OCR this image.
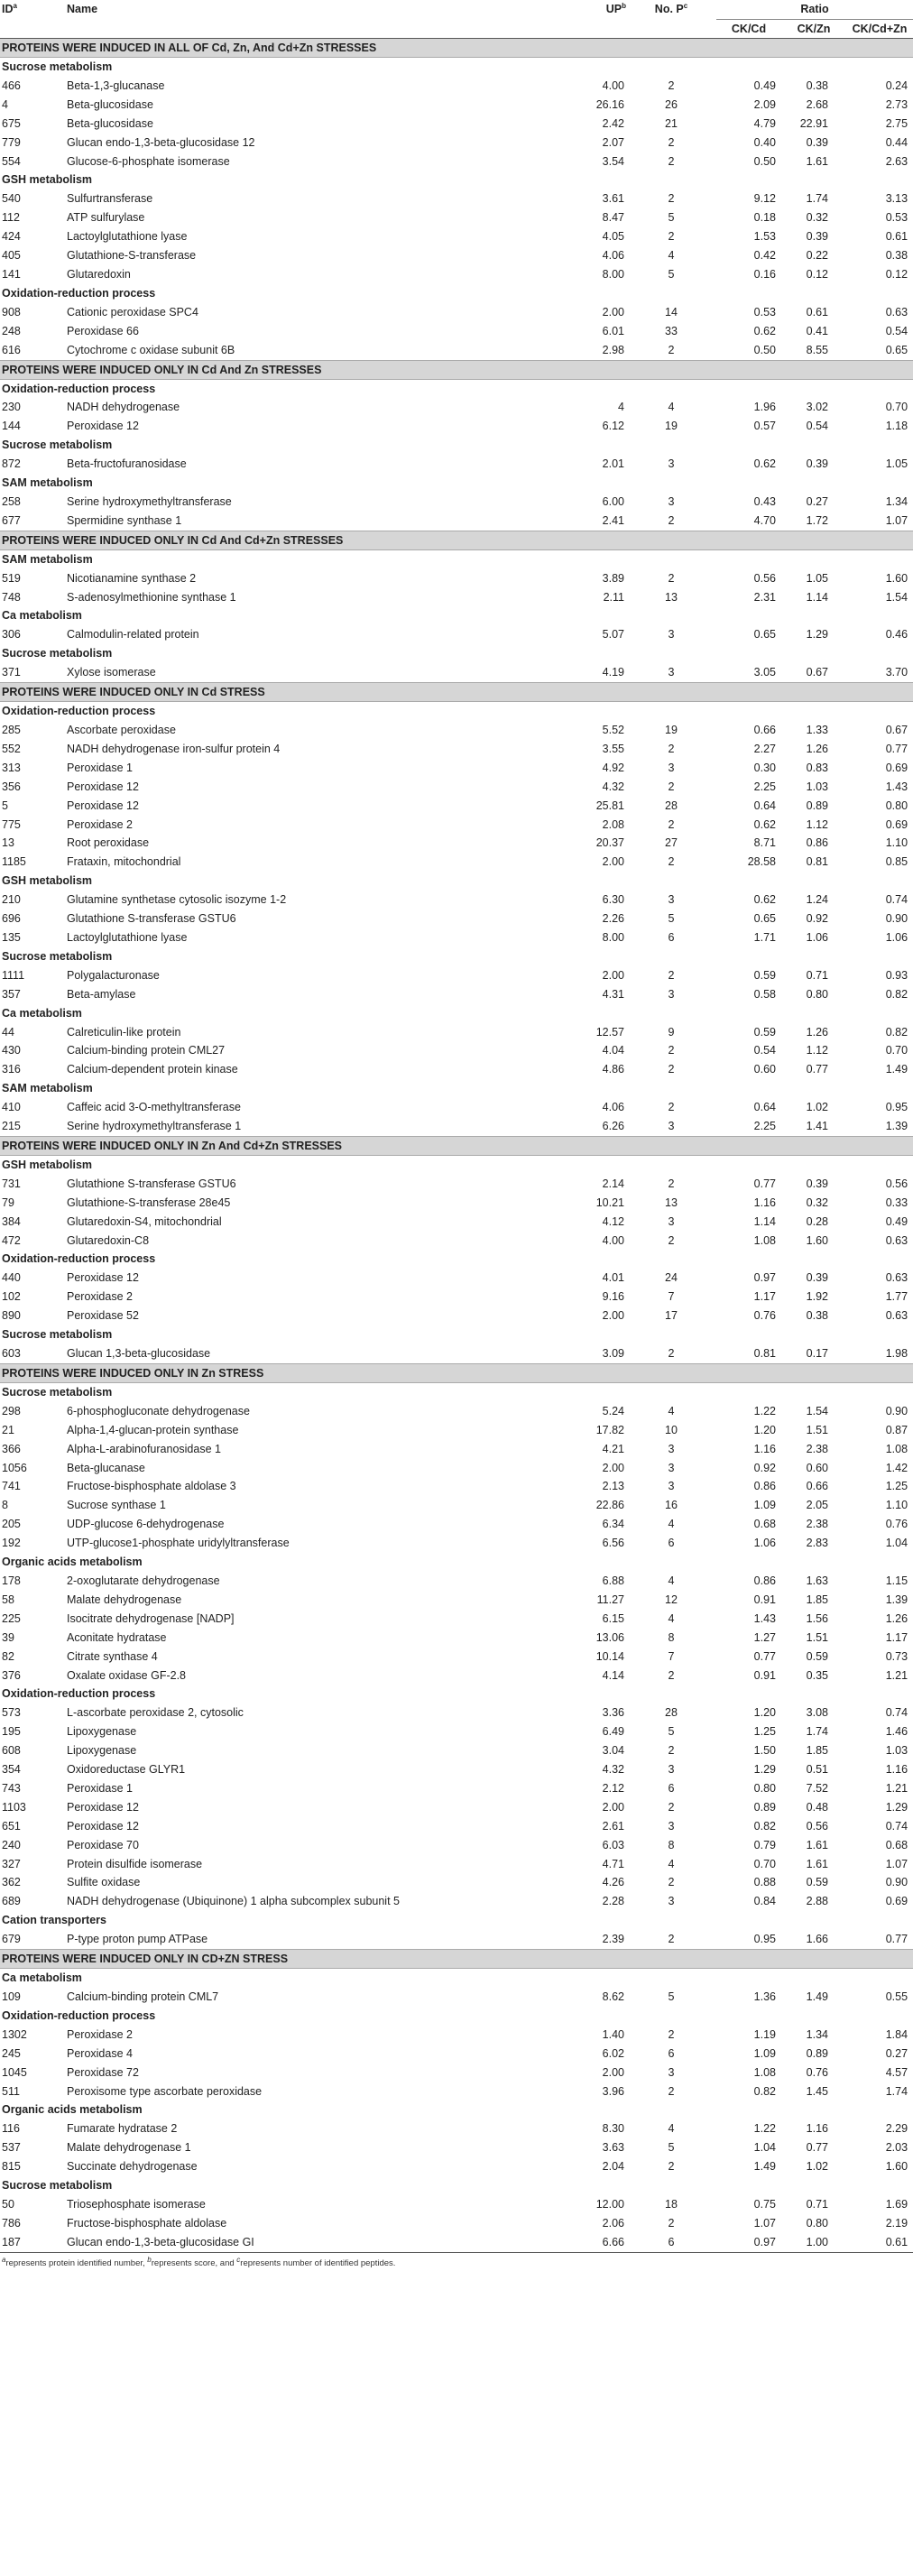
$ID^a$	Name	$UP^b$	No. $P^c$	Ratio		
				CK/Cd	CK/Zn	CK/Cd+Zn
PROTEINS WERE INDUCED IN ALL OF Cd, Zn, And Cd+Zn STRESSES						
Sucrose metabolism						
466	Beta-1,3-glucanase	4.00	2	0.49	0.38	0.24
4	Beta-glucosidase	26.16	26	2.09	2.68	2.73
675	Beta-glucosidase	2.42	21	4.79	22.91	2.75
779	Glucan endo-1,3-beta-glucosidase 12	2.07	2	0.40	0.39	0.44
554	Glucose-6-phosphate isomerase	3.54	2	0.50	1.61	2.63
GSH metabolism						
540	Sulfurtransferase	3.61	2	9.12	1.74	3.13
112	ATP sulfurylase	8.47	5	0.18	0.32	0.53
424	Lactoylglutathione lyase	4.05	2	1.53	0.39	0.61
405	Glutathione-S-transferase	4.06	4	0.42	0.22	0.38
141	Glutaredoxin	8.00	5	0.16	0.12	0.12
Oxidation-reduction process						
908	Cationic peroxidase SPC4	2.00	14	0.53	0.61	0.63
248	Peroxidase 66	6.01	33	0.62	0.41	0.54
616	Cytochrome c oxidase subunit 6B	2.98	2	0.50	8.55	0.65
PROTEINS WERE INDUCED ONLY IN Cd And Zn STRESSES						
Oxidation-reduction process						
230	NADH dehydrogenase	4	4	1.96	3.02	0.70
144	Peroxidase 12	6.12	19	0.57	0.54	1.18
Sucrose metabolism						
872	Beta-fructofuranosidase	2.01	3	0.62	0.39	1.05
SAM metabolism						
258	Serine hydroxymethyltransferase	6.00	3	0.43	0.27	1.34
677	Spermidine synthase 1	2.41	2	4.70	1.72	1.07
PROTEINS WERE INDUCED ONLY IN Cd And Cd+Zn STRESSES						
SAM metabolism						
519	Nicotianamine synthase 2	3.89	2	0.56	1.05	1.60
748	S-adenosylmethionine synthase 1	2.11	13	2.31	1.14	1.54
Ca metabolism						
306	Calmodulin-related protein	5.07	3	0.65	1.29	0.46
Sucrose metabolism						
371	Xylose isomerase	4.19	3	3.05	0.67	3.70
PROTEINS WERE INDUCED ONLY IN Cd STRESS						
Oxidation-reduction process						
285	Ascorbate peroxidase	5.52	19	0.66	1.33	0.67
552	NADH dehydrogenase iron-sulfur protein 4	3.55	2	2.27	1.26	0.77
313	Peroxidase 1	4.92	3	0.30	0.83	0.69
356	Peroxidase 12	4.32	2	2.25	1.03	1.43
5	Peroxidase 12	25.81	28	0.64	0.89	0.80
775	Peroxidase 2	2.08	2	0.62	1.12	0.69
13	Root peroxidase	20.37	27	8.71	0.86	1.10
1185	Frataxin, mitochondrial	2.00	2	28.58	0.81	0.85
GSH metabolism						
210	Glutamine synthetase cytosolic isozyme 1-2	6.30	3	0.62	1.24	0.74
696	Glutathione S-transferase GSTU6	2.26	5	0.65	0.92	0.90
135	Lactoylglutathione lyase	8.00	6	1.71	1.06	1.06
Sucrose metabolism						
1111	Polygalacturonase	2.00	2	0.59	0.71	0.93
357	Beta-amylase	4.31	3	0.58	0.80	0.82
Ca metabolism						
44	Calreticulin-like protein	12.57	9	0.59	1.26	0.82
430	Calcium-binding protein CML27	4.04	2	0.54	1.12	0.70
316	Calcium-dependent protein kinase	4.86	2	0.60	0.77	1.49
SAM metabolism						
410	Caffeic acid 3-O-methyltransferase	4.06	2	0.64	1.02	0.95
215	Serine hydroxymethyltransferase 1	6.26	3	2.25	1.41	1.39
PROTEINS WERE INDUCED ONLY IN Zn And Cd+Zn STRESSES						
GSH metabolism						
731	Glutathione S-transferase GSTU6	2.14	2	0.77	0.39	0.56
79	Glutathione-S-transferase 28e45	10.21	13	1.16	0.32	0.33
384	Glutaredoxin-S4, mitochondrial	4.12	3	1.14	0.28	0.49
472	Glutaredoxin-C8	4.00	2	1.08	1.60	0.63
Oxidation-reduction process						
440	Peroxidase 12	4.01	24	0.97	0.39	0.63
102	Peroxidase 2	9.16	7	1.17	1.92	1.77
890	Peroxidase 52	2.00	17	0.76	0.38	0.63
Sucrose metabolism						
603	Glucan 1,3-beta-glucosidase	3.09	2	0.81	0.17	1.98
PROTEINS WERE INDUCED ONLY IN Zn STRESS						
Sucrose metabolism						
298	6-phosphogluconate dehydrogenase	5.24	4	1.22	1.54	0.90
21	Alpha-1,4-glucan-protein synthase	17.82	10	1.20	1.51	0.87
366	Alpha-L-arabinofuranosidase 1	4.21	3	1.16	2.38	1.08
1056	Beta-glucanase	2.00	3	0.92	0.60	1.42
741	Fructose-bisphosphate aldolase 3	2.13	3	0.86	0.66	1.25
8	Sucrose synthase 1	22.86	16	1.09	2.05	1.10
205	UDP-glucose 6-dehydrogenase	6.34	4	0.68	2.38	0.76
192	UTP-glucose1-phosphate uridylyltransferase	6.56	6	1.06	2.83	1.04
Organic acids metabolism						
178	2-oxoglutarate dehydrogenase	6.88	4	0.86	1.63	1.15
58	Malate dehydrogenase	11.27	12	0.91	1.85	1.39
225	Isocitrate dehydrogenase [NADP]	6.15	4	1.43	1.56	1.26
39	Aconitate hydratase	13.06	8	1.27	1.51	1.17
82	Citrate synthase 4	10.14	7	0.77	0.59	0.73
376	Oxalate oxidase GF-2.8	4.14	2	0.91	0.35	1.21
Oxidation-reduction process						
573	L-ascorbate peroxidase 2, cytosolic	3.36	28	1.20	3.08	0.74
195	Lipoxygenase	6.49	5	1.25	1.74	1.46
608	Lipoxygenase	3.04	2	1.50	1.85	1.03
354	Oxidoreductase GLYR1	4.32	3	1.29	0.51	1.16
743	Peroxidase 1	2.12	6	0.80	7.52	1.21
1103	Peroxidase 12	2.00	2	0.89	0.48	1.29
651	Peroxidase 12	2.61	3	0.82	0.56	0.74
240	Peroxidase 70	6.03	8	0.79	1.61	0.68
327	Protein disulfide isomerase	4.71	4	0.70	1.61	1.07
362	Sulfite oxidase	4.26	2	0.88	0.59	0.90
689	NADH dehydrogenase (Ubiquinone) 1 alpha subcomplex subunit 5	2.28	3	0.84	2.88	0.69
Cation transporters						
679	P-type proton pump ATPase	2.39	2	0.95	1.66	0.77
PROTEINS WERE INDUCED ONLY IN CD+ZN STRESS						
Ca metabolism						
109	Calcium-binding protein CML7	8.62	5	1.36	1.49	0.55
Oxidation-reduction process						
1302	Peroxidase 2	1.40	2	1.19	1.34	1.84
245	Peroxidase 4	6.02	6	1.09	0.89	0.27
1045	Peroxidase 72	2.00	3	1.08	0.76	4.57
511	Peroxisome type ascorbate peroxidase	3.96	2	0.82	1.45	1.74
Organic acids metabolism						
116	Fumarate hydratase 2	8.30	4	1.22	1.16	2.29
537	Malate dehydrogenase 1	3.63	5	1.04	0.77	2.03
815	Succinate dehydrogenase	2.04	2	1.49	1.02	1.60
Sucrose metabolism						
50	Triosephosphate isomerase	12.00	18	0.75	0.71	1.69
786	Fructose-bisphosphate aldolase	2.06	2	1.07	0.80	2.19
187	Glucan endo-1,3-beta-glucosidase GI	6.66	6	0.97	1.00	0.61
$^a$represents protein identified number, $^b$represents score, and $^c$represents number of identified peptides.
